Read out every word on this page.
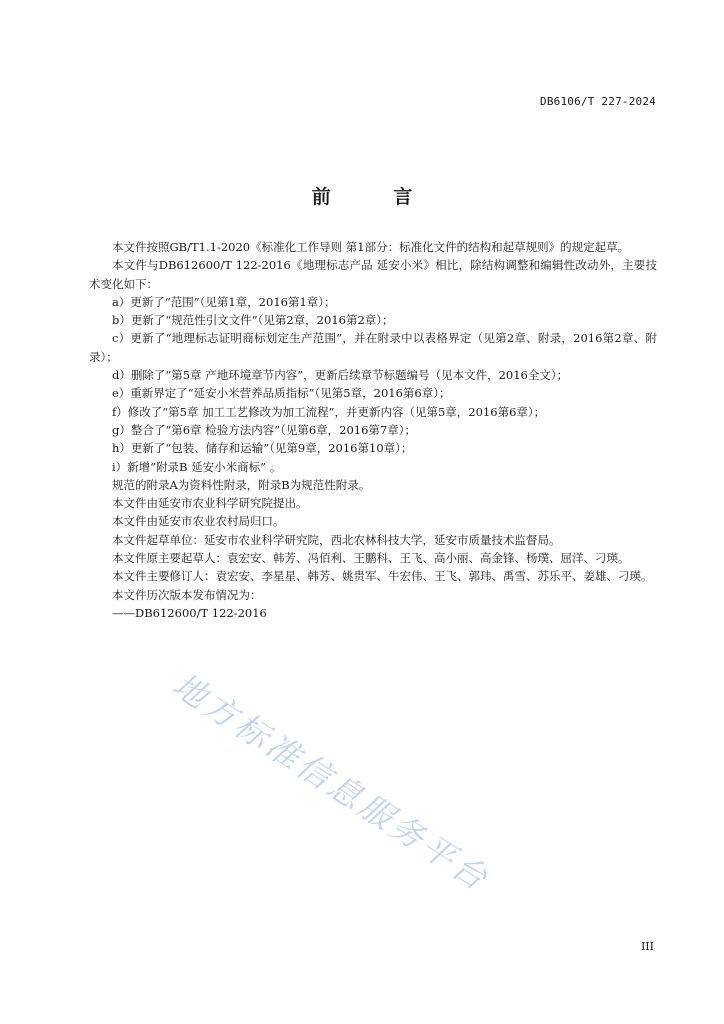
DB6106/T 227-2024
前 言

本文件按照GB/T1.1-2020《标准化工作导则 第1部分：标准化文件的结构和起草规则》的规定起草。

本文件与DB612600/T 122-2016《地理标志产品 延安小米》相比，除结构调整和编辑性改动外，主要技术变化如下：

a）更新了“范围”（见第1章，2016第1章）；

b）更新了“规范性引文文件”（见第2章，2016第2章）；

c）更新了“地理标志证明商标划定生产范围”，并在附录中以表格界定（见第2章、附录，2016第2章、附录）；

d）删除了“第5章 产地环境章节内容”，更新后续章节标题编号（见本文件，2016全文）；

e）重新界定了“延安小米营养品质指标”（见第5章，2016第6章）；

f）修改了“第5章 加工工艺修改为加工流程”，并更新内容（见第5章，2016第6章）；

g）整合了“第6章 检验方法内容”（见第6章，2016第7章）；

h）更新了“包装、储存和运输”（见第9章，2016第10章）；

i）新增“附录B 延安小米商标” 。

规范的附录A为资料性附录，附录B为规范性附录。

本文件由延安市农业科学研究院提出。

本文件由延安市农业农村局归口。

本文件起草单位：延安市农业科学研究院，西北农林科技大学，延安市质量技术监督局。

本文件原主要起草人：袁宏安、韩芳、冯佰利、王鹏科、王飞、高小丽、高金锋、杨璞、屈洋、刁瑛。

本文件主要修订人：袁宏安、李星星、韩芳、姚贵军、牛宏伟、王飞、郭玮、禹雪、苏乐平、姜雄、刁瑛。

本文件历次版本发布情况为：

——DB612600/T 122-2016

地方标准信息服务平台
III
